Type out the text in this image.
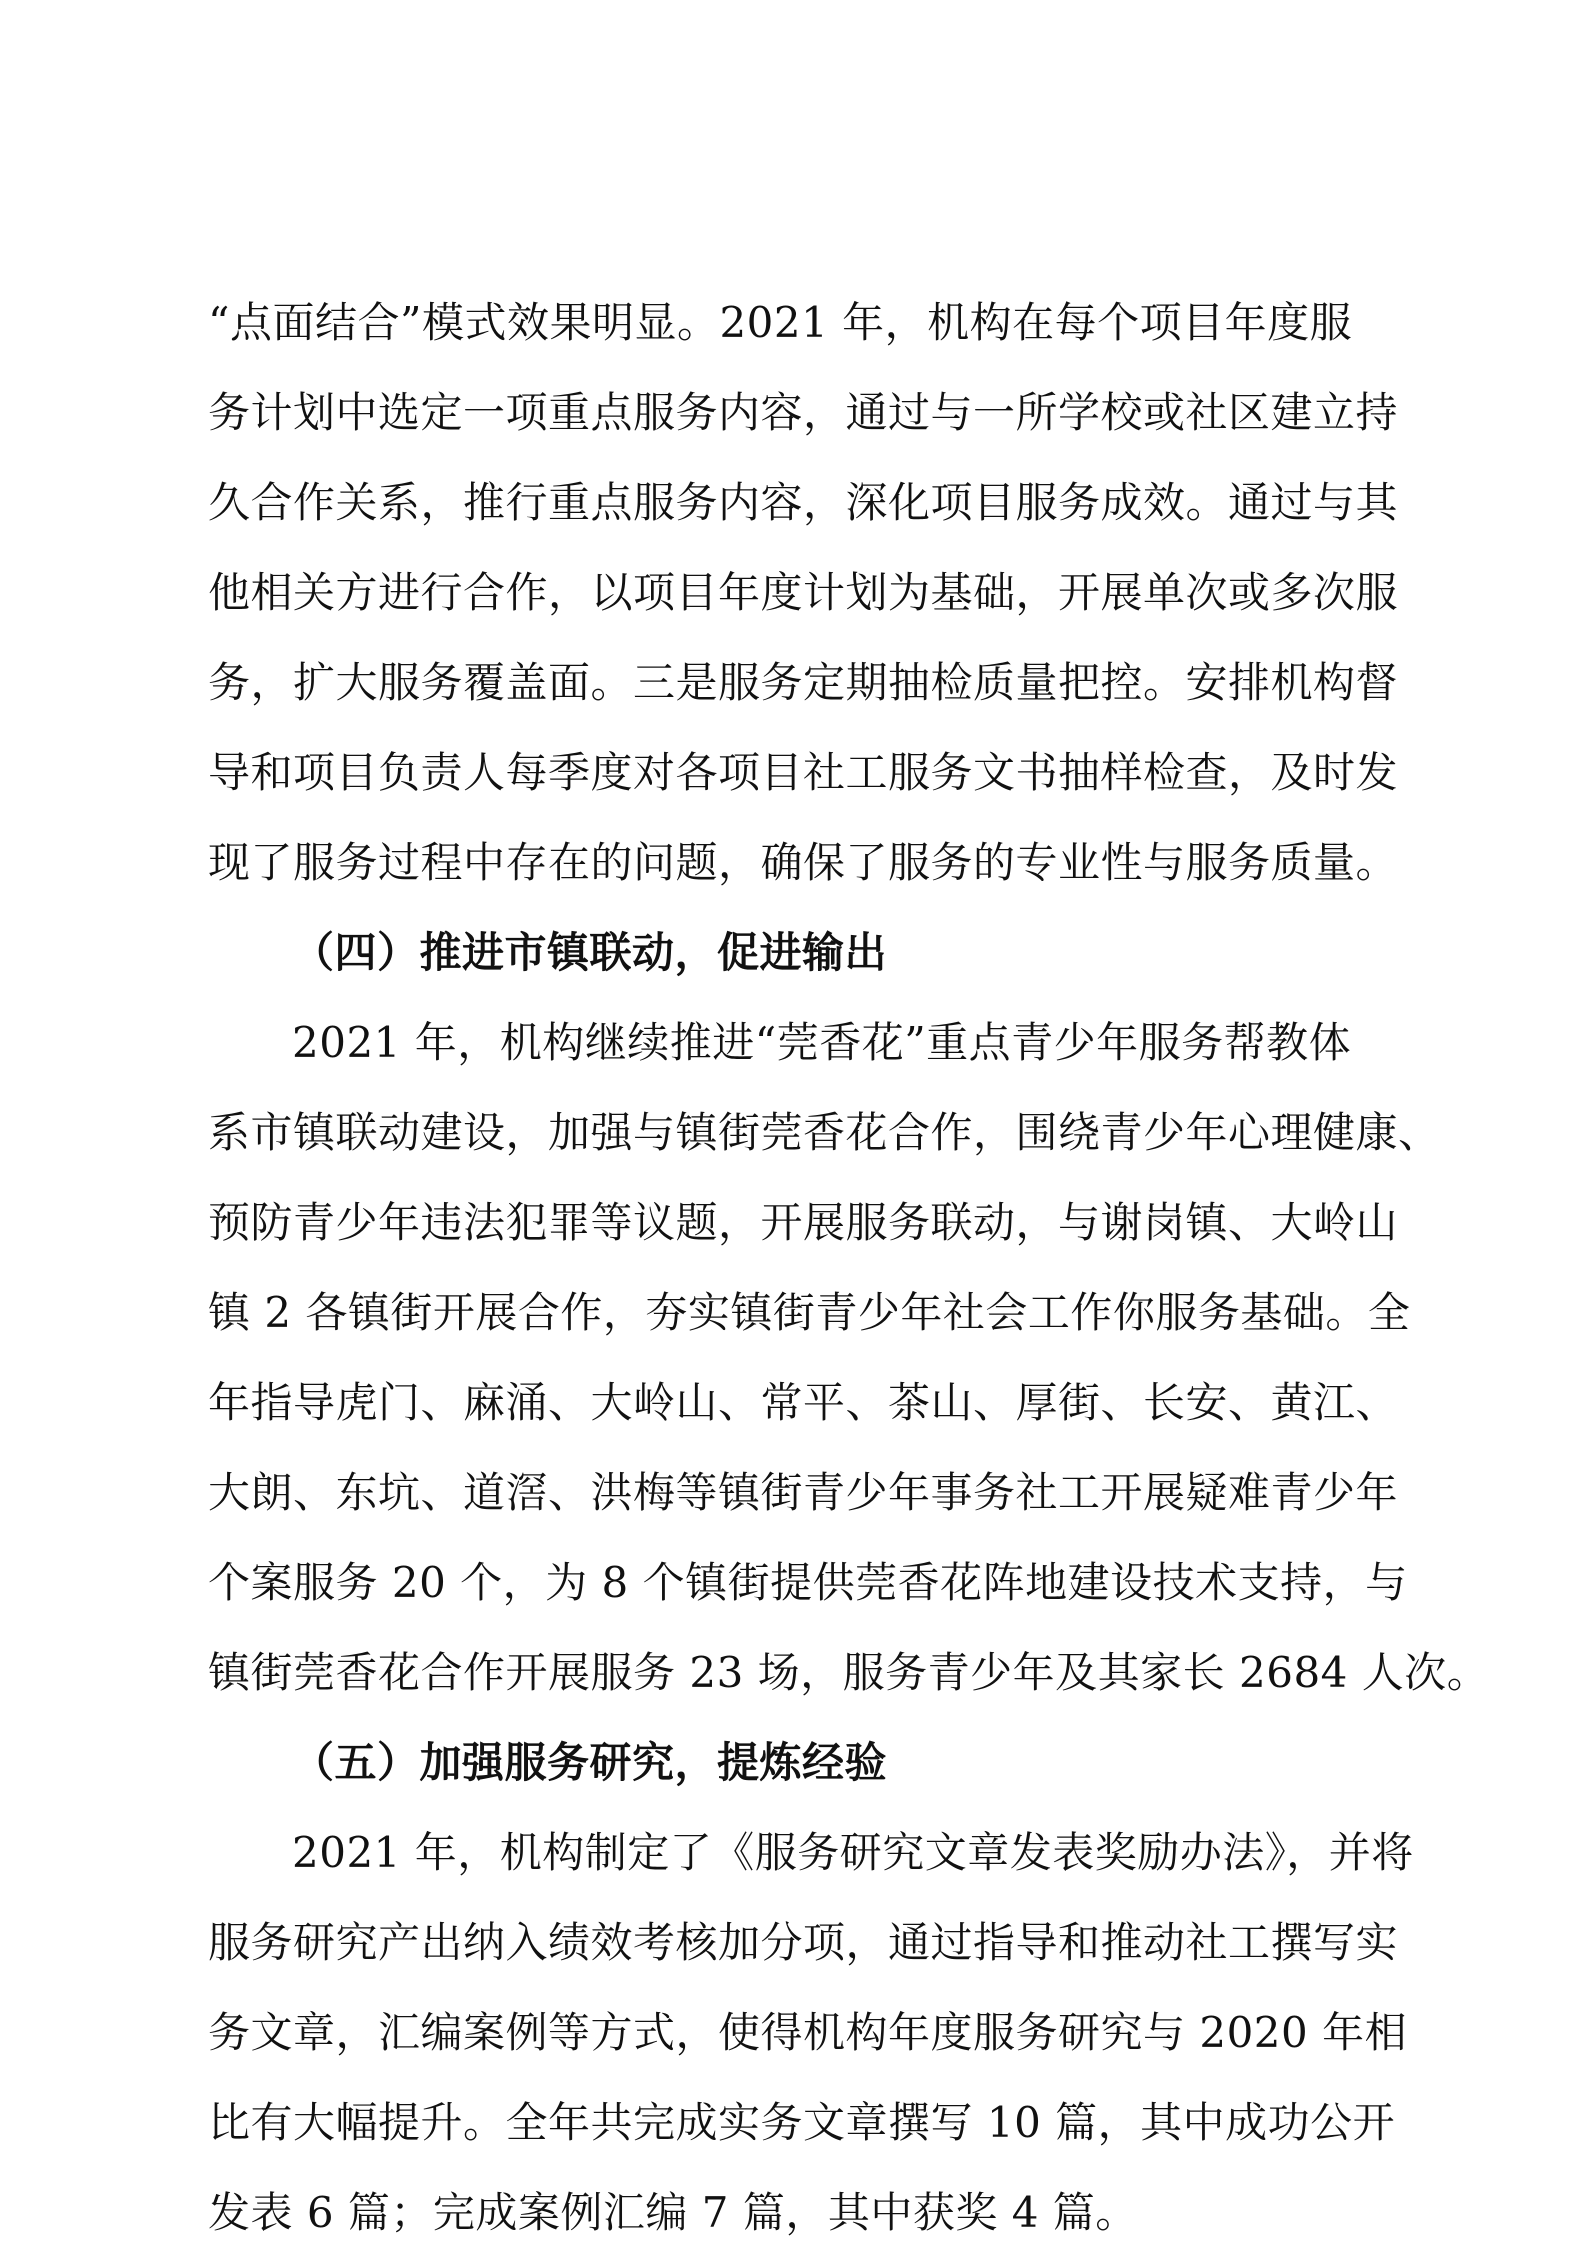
“点面结合”模式效果明显。2021 年，机构在每个项目年度服
务计划中选定一项重点服务内容，通过与一所学校或社区建立持
久合作关系，推行重点服务内容，深化项目服务成效。通过与其
他相关方进行合作，以项目年度计划为基础，开展单次或多次服
务，扩大服务覆盖面。三是服务定期抽检质量把控。安排机构督
导和项目负责人每季度对各项目社工服务文书抽样检查，及时发
现了服务过程中存在的问题，确保了服务的专业性与服务质量。
（四）推进市镇联动，促进输出
2021 年，机构继续推进“莞香花”重点青少年服务帮教体
系市镇联动建设，加强与镇街莞香花合作，围绕青少年心理健康、
预防青少年违法犯罪等议题，开展服务联动，与谢岗镇、大岭山
镇 2 各镇街开展合作，夯实镇街青少年社会工作你服务基础。全
年指导虎门、麻涌、大岭山、常平、茶山、厚街、长安、黄江、
大朗、东坑、道滘、洪梅等镇街青少年事务社工开展疑难青少年
个案服务 20 个，为 8 个镇街提供莞香花阵地建设技术支持，与
镇街莞香花合作开展服务 23 场，服务青少年及其家长 2684 人次。
（五）加强服务研究，提炼经验
2021 年，机构制定了《服务研究文章发表奖励办法》，并将
服务研究产出纳入绩效考核加分项，通过指导和推动社工撰写实
务文章，汇编案例等方式，使得机构年度服务研究与 2020 年相
比有大幅提升。全年共完成实务文章撰写 10 篇，其中成功公开
发表 6 篇；完成案例汇编 7 篇，其中获奖 4 篇。
